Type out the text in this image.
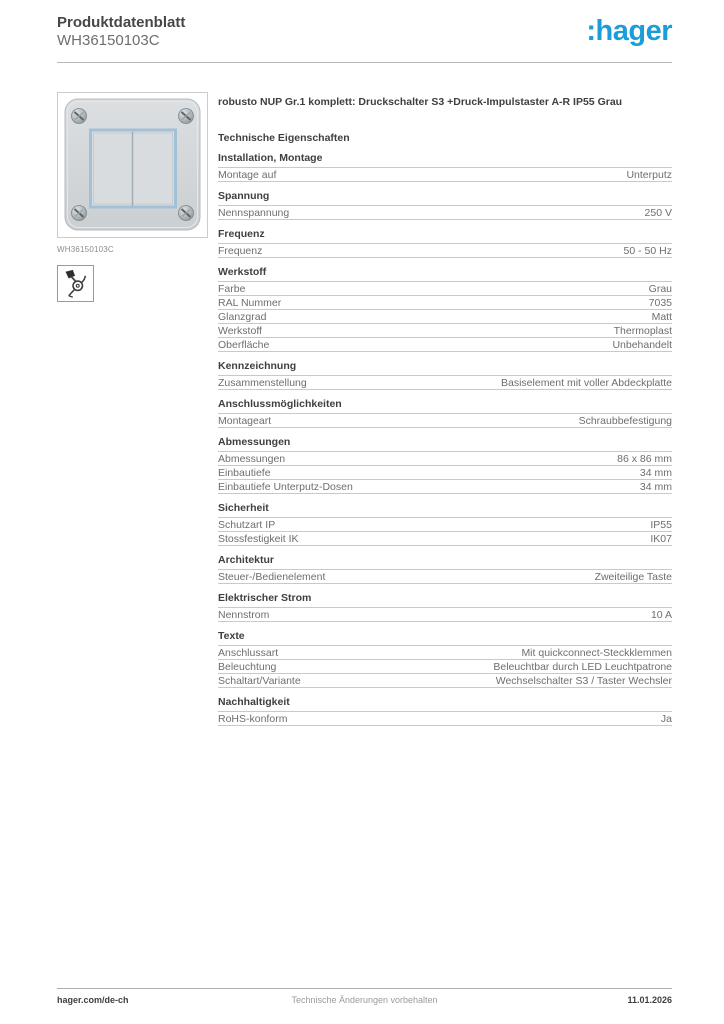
Produktdatenblatt
WH36150103C	:hager
WH36150103C
robusto NUP Gr.1 komplett: Druckschalter S3 +Druck-Impulstaster A-R IP55 Grau
Technische Eigenschaften
Installation, Montage
Montage auf	Unterputz
Spannung
Nennspannung	250 V
Frequenz
Frequenz	50 - 50 Hz
Werkstoff
Farbe	Grau
RAL Nummer	7035
Glanzgrad	Matt
Werkstoff	Thermoplast
Oberfläche	Unbehandelt
Kennzeichnung
Zusammenstellung	Basiselement mit voller Abdeckplatte
Anschlussmöglichkeiten
Montageart	Schraubbefestigung
Abmessungen
Abmessungen	86 x 86 mm
Einbautiefe	34 mm
Einbautiefe Unterputz-Dosen	34 mm
Sicherheit
Schutzart IP	IP55
Stossfestigkeit IK	IK07
Architektur
Steuer-/Bedienelement	Zweiteilige Taste
Elektrischer Strom
Nennstrom	10 A
Texte
Anschlussart	Mit quickconnect-Steckklemmen
Beleuchtung	Beleuchtbar durch LED Leuchtpatrone
Schaltart/Variante	Wechselschalter S3 / Taster Wechsler
Nachhaltigkeit
RoHS-konform	Ja
hager.com/de-ch	Technische Änderungen vorbehalten	11.01.2026
